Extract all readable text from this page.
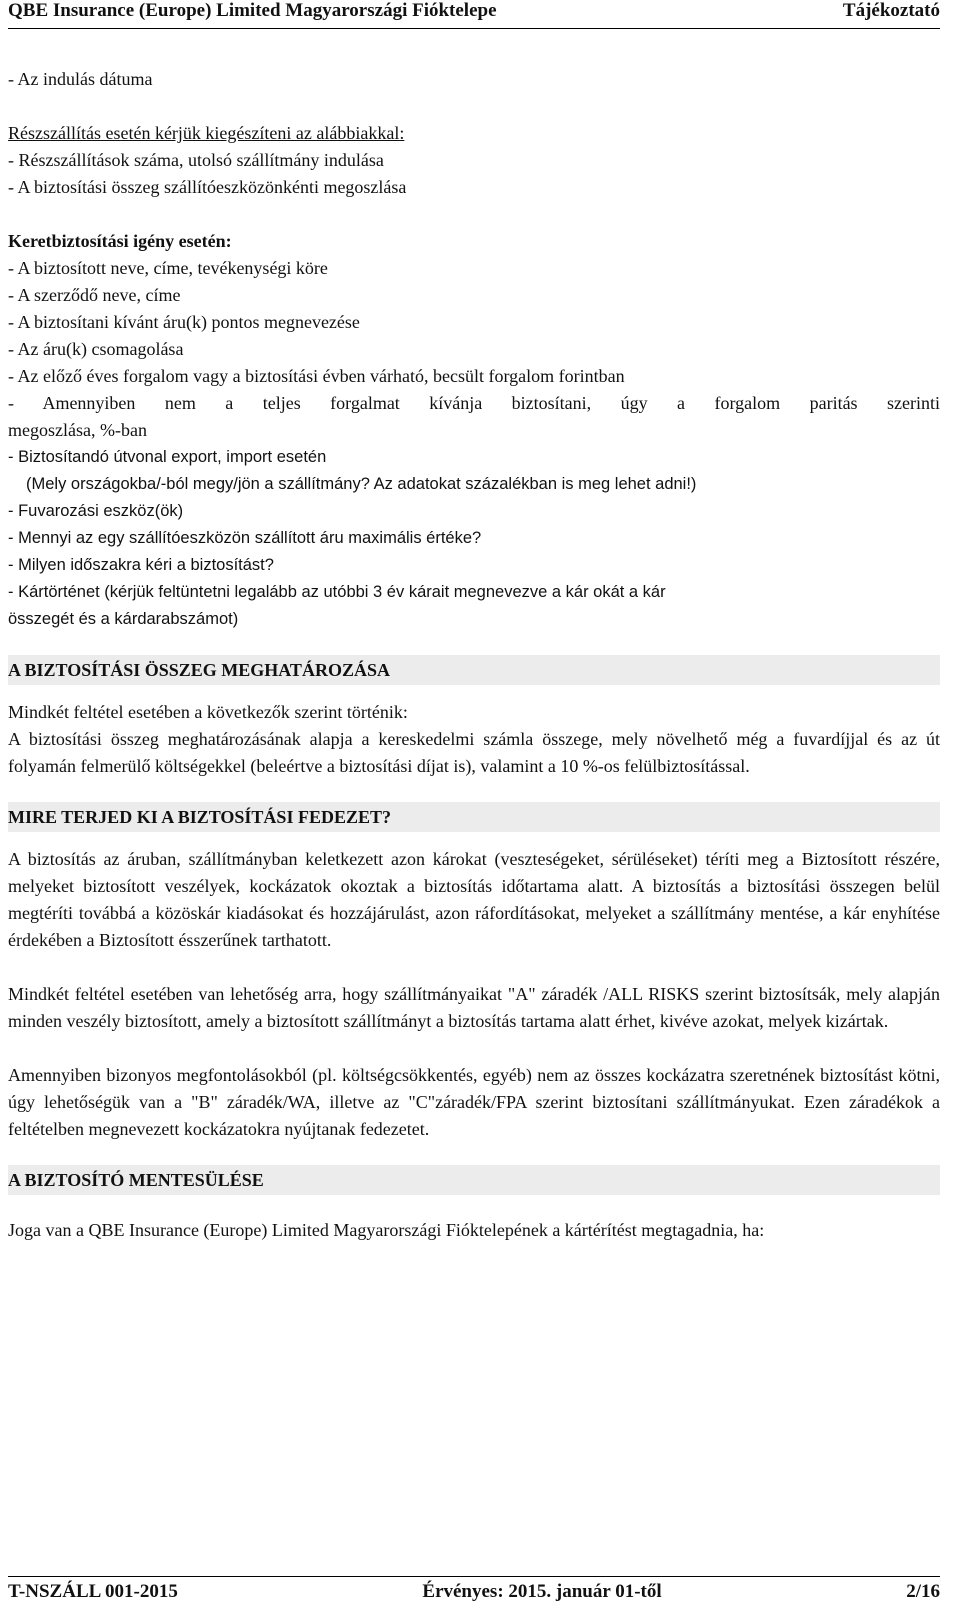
QBE Insurance (Europe) Limited Magyarországi Fióktelepe	Tájékoztató
- Az indulás dátuma
Részszállítás esetén kérjük kiegészíteni az alábbiakkal:
- Részszállítások száma, utolsó szállítmány indulása
- A biztosítási összeg szállítóeszközönkénti megoszlása
Keretbiztosítási igény esetén:
- A biztosított neve, címe, tevékenységi köre
- A szerződő neve, címe
- A biztosítani kívánt áru(k) pontos megnevezése
- Az áru(k) csomagolása
- Az előző éves forgalom vagy a biztosítási évben várható, becsült forgalom forintban
- Amennyiben nem a teljes forgalmat kívánja biztosítani, úgy a forgalom paritás szerinti
megoszlása, %-ban
- Biztosítandó útvonal export, import esetén
(Mely országokba/-ból megy/jön a szállítmány? Az adatokat százalékban is meg lehet adni!)
- Fuvarozási eszköz(ök)
- Mennyi az egy szállítóeszközön szállított áru maximális értéke?
- Milyen időszakra kéri a biztosítást?
- Kártörténet (kérjük feltüntetni legalább az utóbbi 3 év kárait megnevezve a kár okát a kár
összegét és a kárdarabszámot)
A BIZTOSÍTÁSI ÖSSZEG MEGHATÁROZÁSA
Mindkét feltétel esetében a következők szerint történik:
A biztosítási összeg meghatározásának alapja a kereskedelmi számla összege, mely növelhető még a fuvardíjjal és az út folyamán felmerülő költségekkel (beleértve a biztosítási díjat is), valamint a 10 %-os felülbiztosítással.
MIRE TERJED KI A BIZTOSÍTÁSI FEDEZET?
A biztosítás az áruban, szállítmányban keletkezett azon károkat (veszteségeket, sérüléseket) téríti meg a Biztosított részére, melyeket biztosított veszélyek, kockázatok okoztak a biztosítás időtartama alatt. A biztosítás a biztosítási összegen belül megtéríti továbbá a közöskár kiadásokat és hozzájárulást, azon ráfordításokat, melyeket a szállítmány mentése, a kár enyhítése érdekében a Biztosított ésszerűnek tarthatott.
Mindkét feltétel esetében van lehetőség arra, hogy szállítmányaikat "A" záradék /ALL RISKS szerint biztosítsák, mely alapján minden veszély biztosított, amely a biztosított szállítmányt a biztosítás tartama alatt érhet, kivéve azokat, melyek kizártak.
Amennyiben bizonyos megfontolásokból (pl. költségcsökkentés, egyéb) nem az összes kockázatra szeretnének biztosítást kötni, úgy lehetőségük van a "B" záradék/WA, illetve az "C"záradék/FPA szerint biztosítani szállítmányukat. Ezen záradékok a feltételben megnevezett kockázatokra nyújtanak fedezetet.
A BIZTOSÍTÓ MENTESÜLÉSE
Joga van a QBE Insurance (Europe) Limited Magyarországi Fióktelepének a kártérítést megtagadnia, ha:
T-NSZÁLL 001-2015	Érvényes: 2015. január 01-től	2/16
